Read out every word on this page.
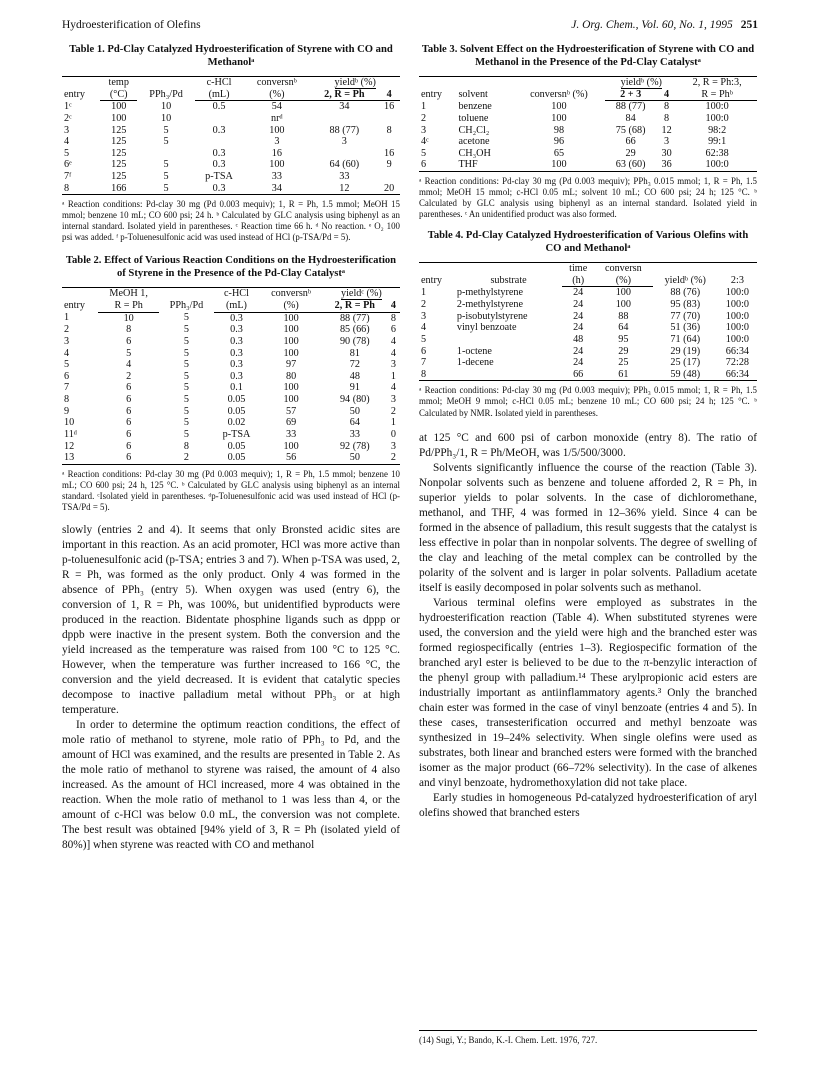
Hydroesterification of Olefins	J. Org. Chem., Vol. 60, No. 1, 1995 251
Table 1. Pd-Clay Catalyzed Hydroesterification of Styrene with CO and Methanolᵃ
entry	temp	PPh₃/Pd	c-HCl	conversnᵇ	yieldᵇ (%)	
	(°C)		(mL)	(%)	2, R = Ph	4
1ᶜ	100	10	0.5	54	34	16
2ᶜ	100	10		nrᵈ		
3	125	5	0.3	100	88 (77)	8
4	125	5		3	3	
5	125		0.3	16		16
6ᵉ	125	5	0.3	100	64 (60)	9
7ᶠ	125	5	p-TSA	33	33	
8	166	5	0.3	34	12	20
ᵃ Reaction conditions: Pd-clay 30 mg (Pd 0.003 mequiv); 1, R = Ph, 1.5 mmol; MeOH 15 mmol; benzene 10 mL; CO 600 psi; 24 h. ᵇ Calculated by GLC analysis using biphenyl as an internal standard. Isolated yield in parentheses. ᶜ Reaction time 66 h. ᵈ No reaction. ᵉ O₂ 100 psi was added. ᶠ p-Toluenesulfonic acid was used instead of HCl (p-TSA/Pd = 5).
Table 2. Effect of Various Reaction Conditions on the Hydroesterification of Styrene in the Presence of the Pd-Clay Catalystᵃ
entry	MeOH 1,	PPh₃/Pd	c-HCl	conversnᵇ	yieldᶜ (%)	
	R = Ph		(mL)	(%)	2, R = Ph	4
1	10	5	0.3	100	88 (77)	8
2	8	5	0.3	100	85 (66)	6
3	6	5	0.3	100	90 (78)	4
4	5	5	0.3	100	81	4
5	4	5	0.3	97	72	3
6	2	5	0.3	80	48	1
7	6	5	0.1	100	91	4
8	6	5	0.05	100	94 (80)	3
9	6	5	0.05	57	50	2
10	6	5	0.02	69	64	1
11ᵈ	6	5	p-TSA	33	33	0
12	6	8	0.05	100	92 (78)	3
13	6	2	0.05	56	50	2
ᵃ Reaction conditions: Pd-clay 30 mg (Pd 0.003 mequiv); 1, R = Ph, 1.5 mmol; benzene 10 mL; CO 600 psi; 24 h, 125 °C. ᵇ Calculated by GLC analysis using biphenyl as an internal standard. ᶜIsolated yield in parentheses. ᵈp-Toluenesulfonic acid was used instead of HCl (p-TSA/Pd = 5).

slowly (entries 2 and 4). It seems that only Bronsted acidic sites are important in this reaction. As an acid promoter, HCl was more active than p-toluenesulfonic acid (p-TSA; entries 3 and 7). When p-TSA was used, 2, R = Ph, was formed as the only product. Only 4 was formed in the absence of PPh₃ (entry 5). When oxygen was used (entry 6), the conversion of 1, R = Ph, was 100%, but unidentified byproducts were produced in the reaction. Bidentate phosphine ligands such as dppp or dppb were inactive in the present system. Both the conversion and the yield increased as the temperature was raised from 100 °C to 125 °C. However, when the temperature was further increased to 166 °C, the conversion and the yield decreased. It is evident that catalytic species decompose to inactive palladium metal without PPh₃ or at high temperature.

In order to determine the optimum reaction conditions, the effect of mole ratio of methanol to styrene, mole ratio of PPh₃ to Pd, and the amount of HCl was examined, and the results are presented in Table 2. As the mole ratio of methanol to styrene was raised, the amount of 4 also increased. As the amount of HCl increased, more 4 was obtained in the reaction. When the mole ratio of methanol to 1 was less than 4, or the amount of c-HCl was below 0.0 mL, the conversion was not complete. The best result was obtained [94% yield of 3, R = Ph (isolated yield of 80%)] when styrene was reacted with CO and methanol

Table 3. Solvent Effect on the Hydroesterification of Styrene with CO and Methanol in the Presence of the Pd-Clay Catalystᵃ
entry	solvent	conversnᵇ (%)	yieldᵇ (%)		2, R = Ph:3,
			2 + 3	4	R = Phᵇ
1	benzene	100	88 (77)	8	100:0
2	toluene	100	84	8	100:0
3	CH₂Cl₂	98	75 (68)	12	98:2
4ᶜ	acetone	96	66	3	99:1
5	CH₃OH	65	29	30	62:38
6	THF	100	63 (60)	36	100:0
ᵃ Reaction conditions: Pd-clay 30 mg (Pd 0.003 mequiv); PPh₃ 0.015 mmol; 1, R = Ph, 1.5 mmol; MeOH 15 mmol; c-HCl 0.05 mL; solvent 10 mL; CO 600 psi; 24 h; 125 °C. ᵇ Calculated by GLC analysis using biphenyl as an internal standard. Isolated yield in parentheses. ᶜ An unidentified product was also formed.
Table 4. Pd-Clay Catalyzed Hydroesterification of Various Olefins with CO and Methanolᵃ
entry	substrate	time	conversn	yieldᵇ (%)	2:3
		(h)	(%)		
1	p-methylstyrene	24	100	88 (76)	100:0
2	2-methylstyrene	24	100	95 (83)	100:0
3	p-isobutylstyrene	24	88	77 (70)	100:0
4	vinyl benzoate	24	64	51 (36)	100:0
5		48	95	71 (64)	100:0
6	1-octene	24	29	29 (19)	66:34
7	1-decene	24	25	25 (17)	72:28
8		66	61	59 (48)	66:34
ᵃ Reaction conditions: Pd-clay 30 mg (Pd 0.003 mequiv); PPh₃ 0.015 mmol; 1, R = Ph, 1.5 mmol; MeOH 9 mmol; c-HCl 0.05 mL; benzene 10 mL; CO 600 psi; 24 h; 125 °C. ᵇ Calculated by NMR. Isolated yield in parentheses.

at 125 °C and 600 psi of carbon monoxide (entry 8). The ratio of Pd/PPh₃/1, R = Ph/MeOH, was 1/5/500/3000.

Solvents significantly influence the course of the reaction (Table 3). Nonpolar solvents such as benzene and toluene afforded 2, R = Ph, in superior yields to polar solvents. In the case of dichloromethane, methanol, and THF, 4 was formed in 12–36% yield. Since 4 can be formed in the absence of palladium, this result suggests that the catalyst is less effective in polar than in nonpolar solvents. The degree of swelling of the clay and leaching of the metal complex can be controlled by the polarity of the solvent and is larger in polar solvents. Palladium acetate itself is easily decomposed in polar solvents such as methanol.

Various terminal olefins were employed as substrates in the hydroesterification reaction (Table 4). When substituted styrenes were used, the conversion and the yield were high and the branched ester was formed regiospecifically (entries 1–3). Regiospecific formation of the branched aryl ester is believed to be due to the π-benzylic interaction of the phenyl group with palladium.¹⁴ These arylpropionic acid esters are industrially important as antiinflammatory agents.³ Only the branched chain ester was formed in the case of vinyl benzoate (entries 4 and 5). In these cases, transesterification occurred and methyl benzoate was synthesized in 19–24% selectivity. When single olefins were used as substrates, both linear and branched esters were formed with the branched isomer as the major product (66–72% selectivity). In the case of alkenes and vinyl benzoate, hydromethoxylation did not take place.

Early studies in homogeneous Pd-catalyzed hydroesterification of aryl olefins showed that branched esters

(14) Sugi, Y.; Bando, K.-I. Chem. Lett. 1976, 727.
